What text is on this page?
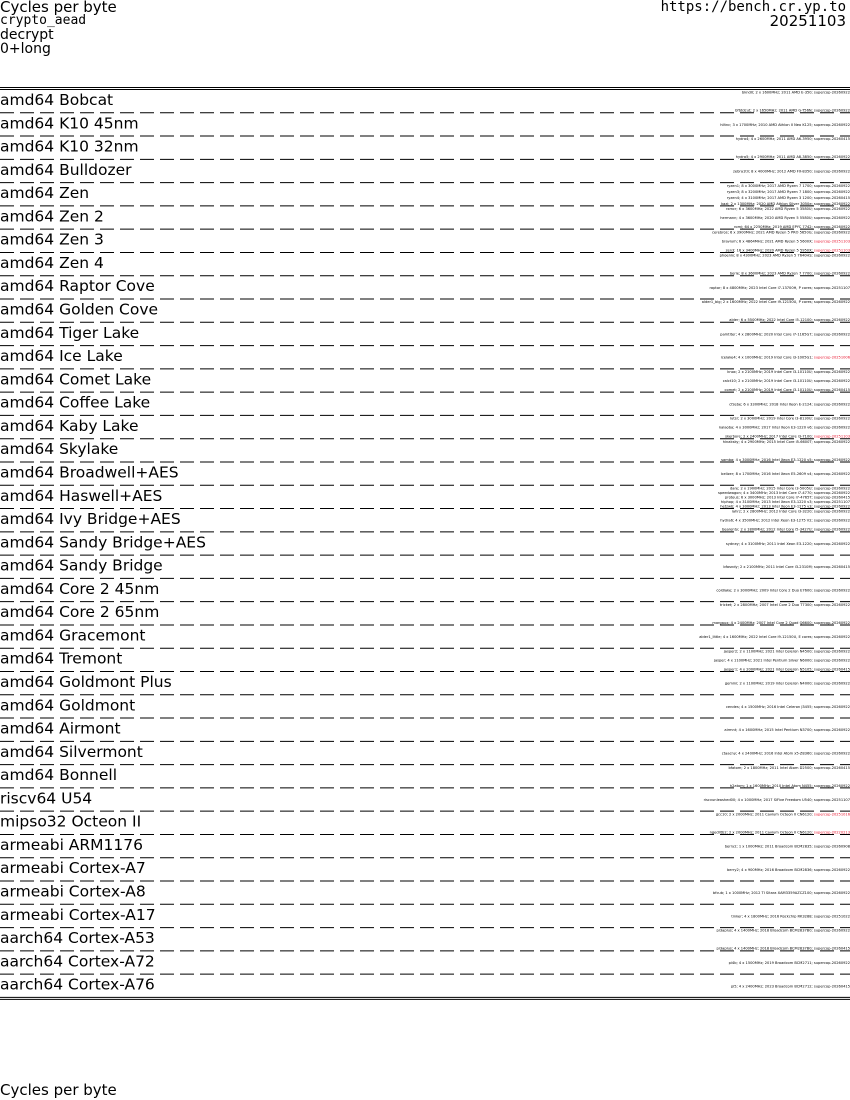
Cycles per byte
crypto_aead
decrypt
0+long
https://bench.cr.yp.to
20251103
amd64 Bobcat	bknd0; 2 x 1600MHz; 2011 AMD E-350; supercop-20260922
bfbtdcut; 2 x 1650MHz; 2011 AMD G-T56N; supercop-20260922
amd64 K10 45nm	hiltnc; 3 x 1700MHz; 2010 AMD Athlon II Neo K125; supercop-20260922
amd64 K10 32nm	hydra4; 4 x 2600MHz; 2011 AMD A6-3950; supercop-20260415
hydra5; 4 x 2900MHz; 2011 AMD A8-3850; supercop-20260922
amd64 Bulldozer	zebra1tli; 8 x 4000MHz; 2012 AMD FX-8350; supercop-20260922
amd64 Zen	ryzen1; 8 x 3000MHz; 2017 AMD Ryzen 7 1700; supercop-20260922
ryzen3; 8 x 3200MHz; 2017 AMD Ryzen 7 1800; supercop-20260922
ryzen4; 4 x 3100MHz; 2017 AMD Ryzen 3 1200; supercop-20260415
kazi; 2 x 1300MHz; 2020 AMD Athlon Silver 3050e; supercop-20260922
amd64 Zen 2	rxmcr; 6 x 3600MHz; 2022 AMD Ryzen 5 3580U; supercop-20260922
hermann; 4 x 3600MHz; 2020 AMD Ryzen 5 5580U; supercop-20260922
romi; 64 x 2250MHz; 2019 AMD EPYC 7742; supercop-20260922
amd64 Zen 3	cerebros; 6 x 3900MHz; 2021 AMD Ryzen 5 PRO 5650G; supercop-20260922
bravium; 6 x 4864MHz; 2021 AMD Ryzen 5 5600X; supercop-20251103
zen3; 16 x 3400MHz; 2020 AMD Ryzen 5 5950X; supercop-20251103
amd64 Zen 4	phoenix; 8 x 4300MHz; 2023 AMD Ryzen 5 7640HS; supercop-20260922
berie; 8 x 3600MHz; 2023 AMD Ryzen 7 7700; supercop-20260922
amd64 Raptor Cove	raptor; 8 x 4800MHz; 2023 Intel Core i7-13700H, P cores; supercop-20251107
amd64 Golden Cove	alder1_big; 2 x 1600MHz; 2022 Intel Core i9-12150U, P cores; supercop-20260922
alder; 6 x 5500MHz; 2022 Intel Core i5-12100; supercop-20260922
amd64 Tiger Lake	pamtiter; 4 x 2800MHz; 2020 Intel Core i7-1165G7; supercop-20260922
amd64 Ice Lake	icelake4; 4 x 1000MHz; 2019 Intel Core i3-1005G1; supercop-20251006
amd64 Comet Lake	knox; 2 x 2100MHz; 2019 Intel Core i3-10110U; supercop-20260922
calct10; 2 x 2100MHz; 2019 Intel Core i3-10110U; supercop-20260922
comet; 2 x 2100MHz; 2019 Intel Core i3-10110U; supercop-20260415
amd64 Coffee Lake	cfzebe; 6 x 3300MHz; 2018 Intel Xeon E-2124; supercop-20260922
amd64 Kaby Lake	lutsr; 2 x 3000MHz; 2019 Intel Core i3-8130U; supercop-20260922
kalaoba; 4 x 3000MHz; 2017 Intel Xeon E3-1220 v6; supercop-20260922
skerbore; 2 x 2400MHz; 2017 Intel Core i3-7100; supercop-20251103
amd64 Skylake	hinaksky; 4 x 2900MHz; 2015 Intel Core i5-6600T; supercop-20260922
samba; 4 x 3000MHz; 2016 Intel Xeon E3-1220 v5; supercop-20260922
amd64 Broadwell+AES	belizer; 8 x 1700MHz; 2016 Intel Xeon E5-2609 v4; supercop-20260922
amd64 Haswell+AES	dare; 2 x 1900MHz; 2015 Intel Core i3-5005U; supercop-20260922
speedwagon; 4 x 3400MHz; 2013 Intel Core i7-4770; supercop-20260922
proteus; 6 x 3000MHz; 2013 Intel Core i7-4765T; supercop-20260415
hiphop; 4 x 3100MHz; 2013 Intel Xeon E3-1220 v3; supercop-20251107
hetzwb; 4 x 3000MHz; 2013 Intel Xeon E3-1275 v3; supercop-20260922
amd64 Ivy Bridge+AES	iahrz; 2 x 2800MHz; 2012 Intel Core i3-3220; supercop-20260922
hydra6; 4 x 3500MHz; 2012 Intel Xeon E3-1275 V2; supercop-20260922
bearenty; 2 x 1800MHz; 2012 Intel Core i5-3427U; supercop-20260922
amd64 Sandy Bridge+AES	sydney; 4 x 3100MHz; 2011 Intel Xeon E3-1220; supercop-20260922
amd64 Sandy Bridge	bfasndy; 2 x 2100MHz; 2011 Intel Core i3-2310M; supercop-20260415
amd64 Core 2 45nm	coldlake; 2 x 3000MHz; 2009 Intel Core 2 Duo E7600; supercop-20260922
amd64 Core 2 65nm	tricket; 2 x 2800MHz; 2007 Intel Core 2 Duo T7300; supercop-20260922
margaux; 4 x 2400MHz; 2007 Intel Core 2 Quad Q6600; supercop-20260922
amd64 Gracemont	alder1_little; 4 x 1600MHz; 2022 Intel Core i9-12150U, E cores; supercop-20260922
amd64 Tremont	jasper2; 2 x 1100MHz; 2021 Intel Celeron N4500; supercop-20260922
jasper; 4 x 1100MHz; 2021 Intel Pentium Silver N6000; supercop-20260922
jasper1; 4 x 2000MHz; 2021 Intel Celeron N5105; supercop-20260415
amd64 Goldmont Plus	gemini; 2 x 1100MHz; 2019 Intel Celeron N4000; supercop-20260922
amd64 Goldmont	cendes; 4 x 1500MHz; 2016 Intel Celeron J3455; supercop-20260922
amd64 Airmont	airmnt; 4 x 1600MHz; 2015 Intel Pentium N3700; supercop-20260922
amd64 Silvermont	ctaacny; 4 x 2400MHz; 2016 Intel Atom x5-Z8360; supercop-20260922
amd64 Bonnell	bfatom; 2 x 1800MHz; 2011 Intel Atom D2500; supercop-20260415
h2atom; 1 x 1600MHz; 2010 Intel Atom N455; supercop-20260922
riscv64 U54	riscvunleashed00; 4 x 1000MHz; 2017 SiFive Freedom U540; supercop-20251107
mipso32 Octeon II	gcc10; 2 x 2000MHz; 2011 Cavium Octeon II CN6120; supercop-20251016
ngedlitb2; 2 x 2000MHz; 2011 Cavium Octeon II CN6120; supercop-20220213
armeabi ARM1176	berry2; 1 x 1000MHz; 2011 Broadcom BCM2835; supercop-20260908
armeabi Cortex-A7	berry2; 4 x 900MHz; 2016 Broadcom BCM2836; supercop-20260922
armeabi Cortex-A8	bfcub; 1 x 1000MHz; 2012 TI Sitara XAM3359AZCZ100; supercop-20260922
armeabi Cortex-A17	tinker; 4 x 1800MHz; 2016 Rockchip RK3288; supercop-20251022
aarch64 Cortex-A53	pi3aplus; 4 x 1400MHz; 2018 Broadcom BCM2837B0; supercop-20260922
pi3aplus; 4 x 1400MHz; 2018 Broadcom BCM2837B0; supercop-20260415
aarch64 Cortex-A72	pi4b; 4 x 1500MHz; 2019 Broadcom BCM2711; supercop-20260922
aarch64 Cortex-A76	pi5; 4 x 2400MHz; 2023 Broadcom BCM2712; supercop-20260415
Cycles per byte
